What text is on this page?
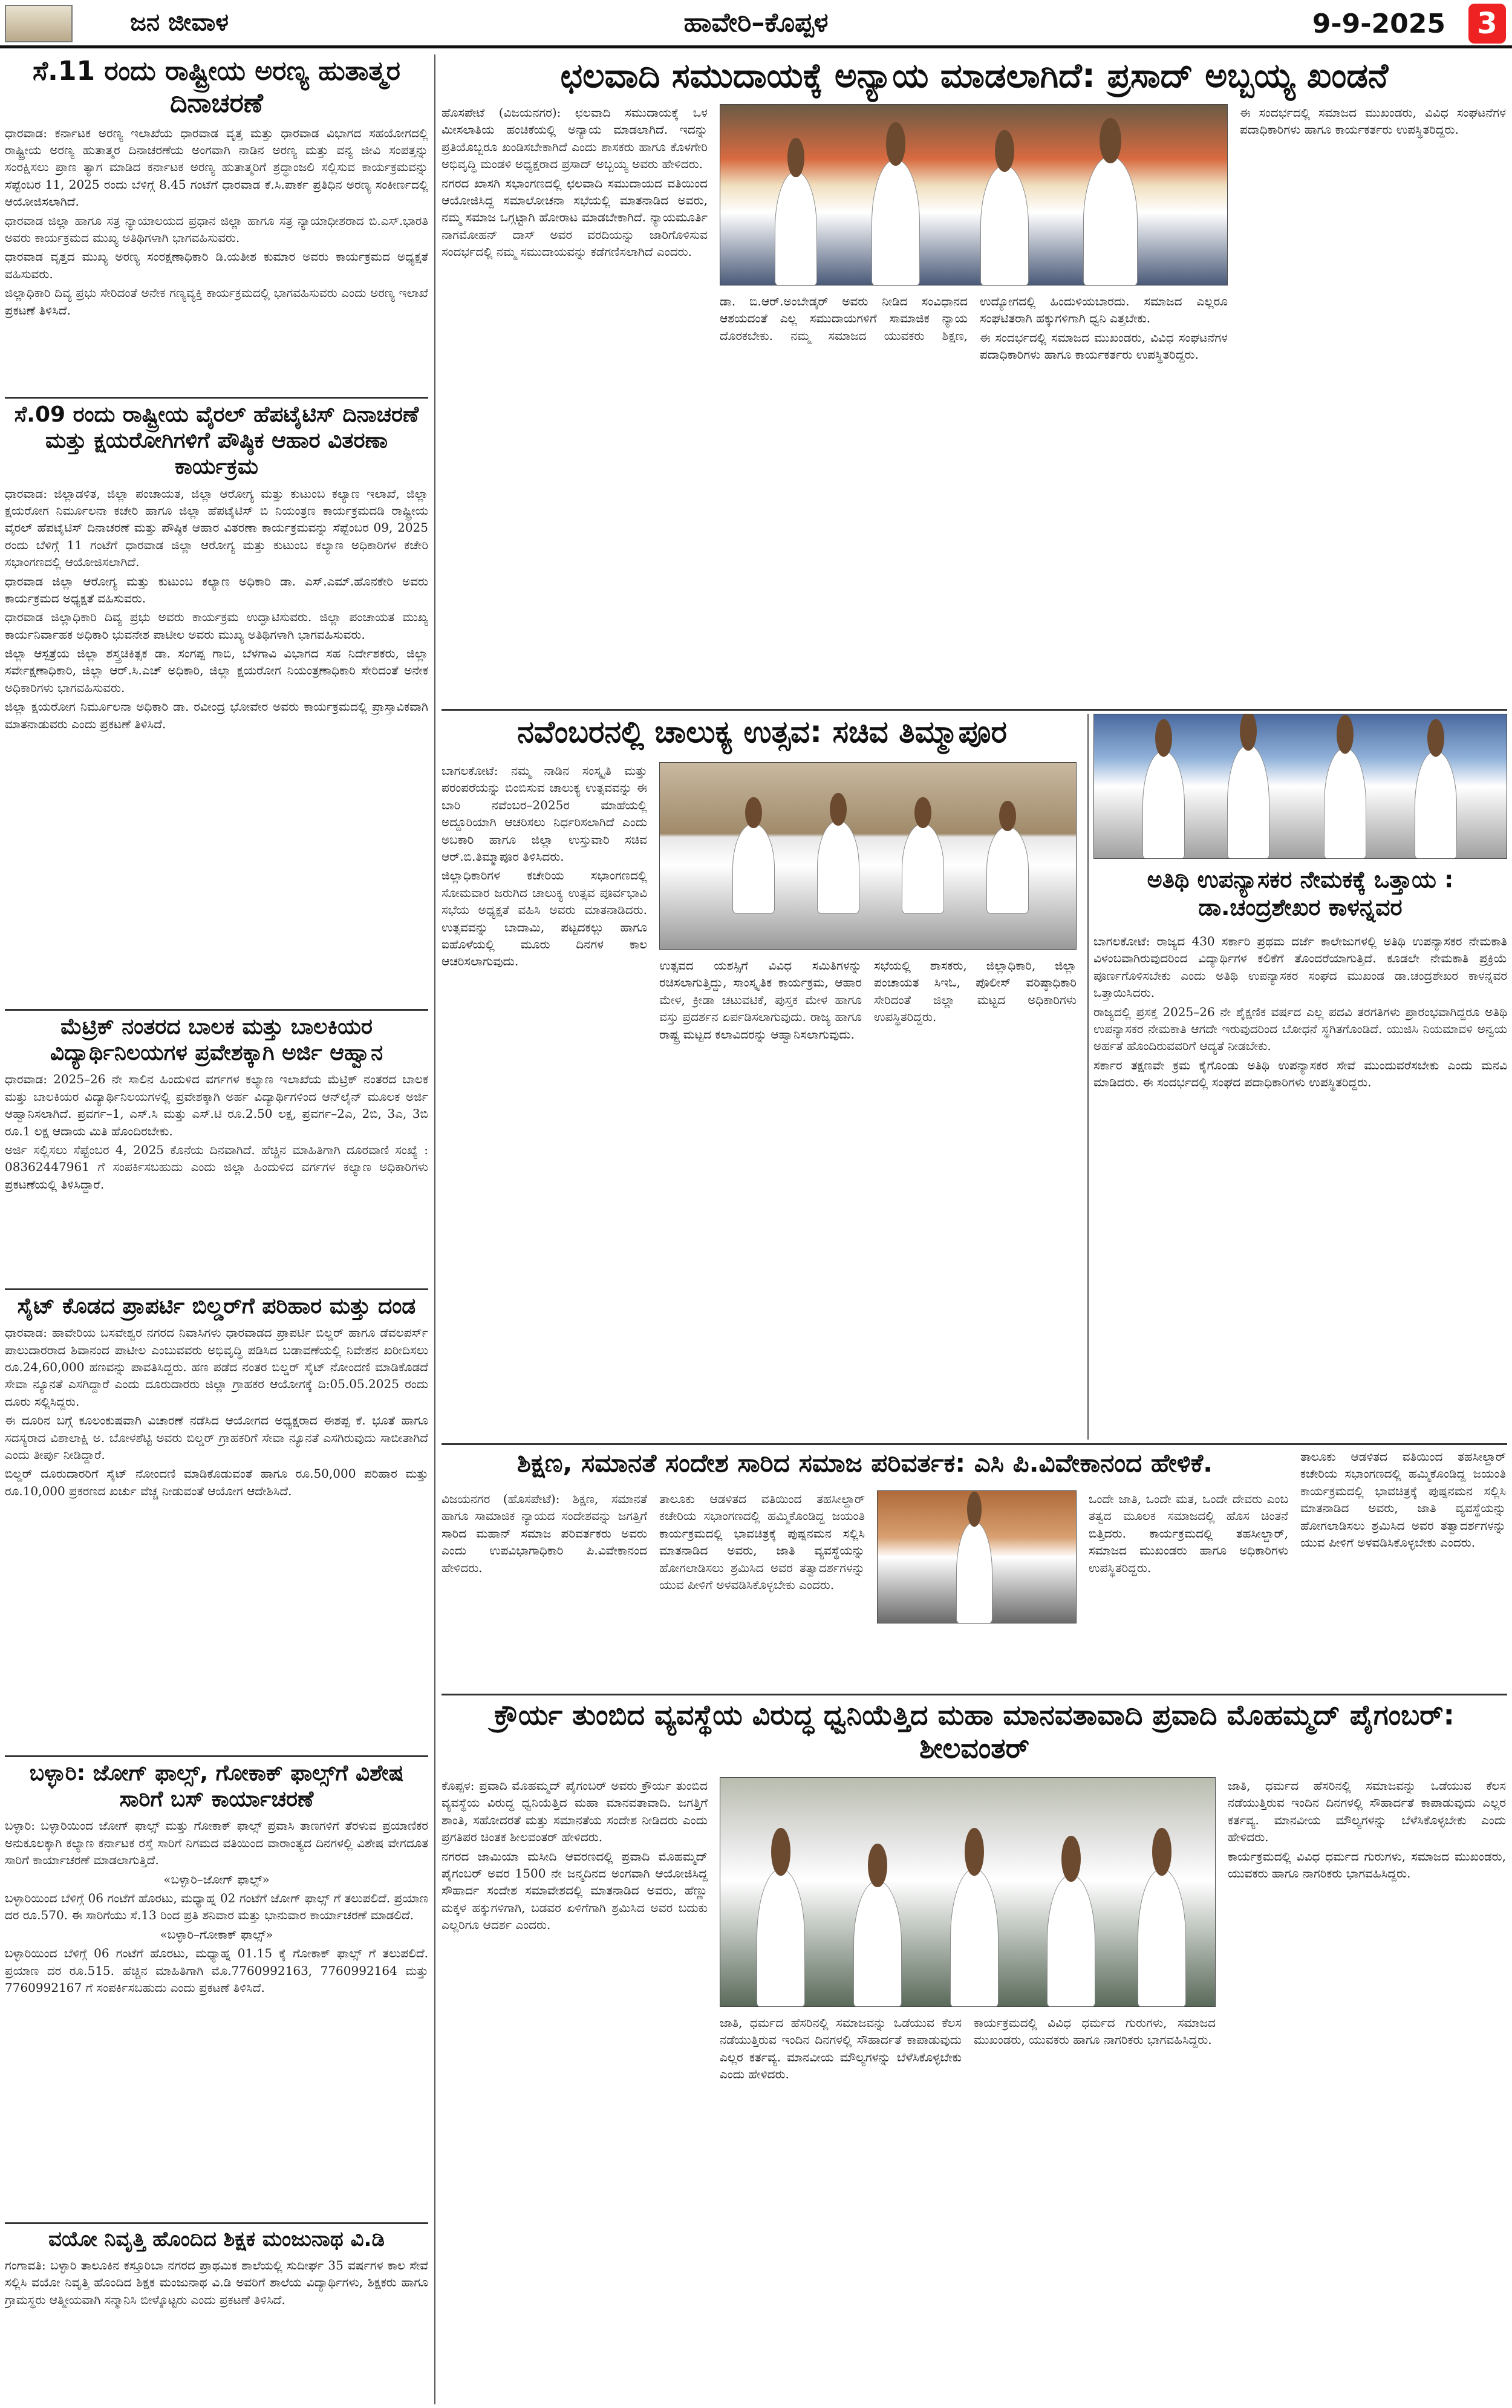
ಜನ ಜೀವಾಳ	ಹಾವೇರಿ–ಕೊಪ್ಪಳ	9-9-2025 3
ಸೆ.11 ರಂದು ರಾಷ್ಟ್ರೀಯ ಅರಣ್ಯ ಹುತಾತ್ಮರ ದಿನಾಚರಣೆ

ಧಾರವಾಡ: ಕರ್ನಾಟಕ ಅರಣ್ಯ ಇಲಾಖೆಯ ಧಾರವಾಡ ವೃತ್ತ ಮತ್ತು ಧಾರವಾಡ ವಿಭಾಗದ ಸಹಯೋಗದಲ್ಲಿ ರಾಷ್ಟ್ರೀಯ ಅರಣ್ಯ ಹುತಾತ್ಮರ ದಿನಾಚರಣೆಯ ಅಂಗವಾಗಿ ನಾಡಿನ ಅರಣ್ಯ ಮತ್ತು ವನ್ಯ ಜೀವಿ ಸಂಪತ್ತನ್ನು ಸಂರಕ್ಷಿಸಲು ಪ್ರಾಣ ತ್ಯಾಗ ಮಾಡಿದ ಕರ್ನಾಟಕ ಅರಣ್ಯ ಹುತಾತ್ಮರಿಗೆ ಶ್ರದ್ಧಾಂಜಲಿ ಸಲ್ಲಿಸುವ ಕಾರ್ಯಕ್ರಮವನ್ನು ಸೆಪ್ಟೆಂಬರ 11, 2025 ರಂದು ಬೆಳಿಗ್ಗೆ 8.45 ಗಂಟೆಗೆ ಧಾರವಾಡ ಕೆ.ಸಿ.ಪಾರ್ಕ ಪ್ರತಿಧಿನ ಅರಣ್ಯ ಸಂಕೀರ್ಣದಲ್ಲಿ ಆಯೋಜಿಸಲಾಗಿದೆ.

ಧಾರವಾಡ ಜಿಲ್ಲಾ ಹಾಗೂ ಸತ್ರ ನ್ಯಾಯಾಲಯದ ಪ್ರಧಾನ ಜಿಲ್ಲಾ ಹಾಗೂ ಸತ್ರ ನ್ಯಾಯಾಧೀಶರಾದ ಬಿ.ಎಸ್.ಭಾರತಿ ಅವರು ಕಾರ್ಯಕ್ರಮದ ಮುಖ್ಯ ಅತಿಥಿಗಳಾಗಿ ಭಾಗವಹಿಸುವರು.

ಧಾರವಾಡ ವೃತ್ತದ ಮುಖ್ಯ ಅರಣ್ಯ ಸಂರಕ್ಷಣಾಧಿಕಾರಿ ಡಿ.ಯತೀಶ ಕುಮಾರ ಅವರು ಕಾರ್ಯಕ್ರಮದ ಅಧ್ಯಕ್ಷತೆ ವಹಿಸುವರು.

ಜಿಲ್ಲಾಧಿಕಾರಿ ದಿವ್ಯ ಪ್ರಭು ಸೇರಿದಂತೆ ಅನೇಕ ಗಣ್ಯವ್ಯಕ್ತಿ ಕಾರ್ಯಕ್ರಮದಲ್ಲಿ ಭಾಗವಹಿಸುವರು ಎಂದು ಅರಣ್ಯ ಇಲಾಖೆ ಪ್ರಕಟಣೆ ತಿಳಿಸಿದೆ.

ಸೆ.09 ರಂದು ರಾಷ್ಟ್ರೀಯ ವೈರಲ್ ಹೆಪಟೈಟಿಸ್ ದಿನಾಚರಣೆ ಮತ್ತು ಕ್ಷಯರೋಗಿಗಳಿಗೆ ಪೌಷ್ಠಿಕ ಆಹಾರ ವಿತರಣಾ ಕಾರ್ಯಕ್ರಮ

ಧಾರವಾಡ: ಜಿಲ್ಲಾಡಳಿತ, ಜಿಲ್ಲಾ ಪಂಚಾಯತ, ಜಿಲ್ಲಾ ಆರೋಗ್ಯ ಮತ್ತು ಕುಟುಂಬ ಕಲ್ಯಾಣ ಇಲಾಖೆ, ಜಿಲ್ಲಾ ಕ್ಷಯರೋಗ ನಿರ್ಮೂಲನಾ ಕಚೇರಿ ಹಾಗೂ ಜಿಲ್ಲಾ ಹೆಪಟೈಟಿಸ್ ಬಿ ನಿಯಂತ್ರಣ ಕಾರ್ಯಕ್ರಮದಡಿ ರಾಷ್ಟ್ರೀಯ ವೈರಲ್ ಹೆಪಟೈಟಿಸ್ ದಿನಾಚರಣೆ ಮತ್ತು ಪೌಷ್ಠಿಕ ಆಹಾರ ವಿತರಣಾ ಕಾರ್ಯಕ್ರಮವನ್ನು ಸೆಪ್ಟೆಂಬರ 09, 2025 ರಂದು ಬೆಳಿಗ್ಗೆ 11 ಗಂಟೆಗೆ ಧಾರವಾಡ ಜಿಲ್ಲಾ ಆರೋಗ್ಯ ಮತ್ತು ಕುಟುಂಬ ಕಲ್ಯಾಣ ಅಧಿಕಾರಿಗಳ ಕಚೇರಿ ಸಭಾಂಗಣದಲ್ಲಿ ಆಯೋಜಿಸಲಾಗಿದೆ.

ಧಾರವಾಡ ಜಿಲ್ಲಾ ಆರೋಗ್ಯ ಮತ್ತು ಕುಟುಂಬ ಕಲ್ಯಾಣ ಅಧಿಕಾರಿ ಡಾ. ಎಸ್.ಎಮ್.ಹೊನಕೇರಿ ಅವರು ಕಾರ್ಯಕ್ರಮದ ಅಧ್ಯಕ್ಷತೆ ವಹಿಸುವರು.

ಧಾರವಾಡ ಜಿಲ್ಲಾಧಿಕಾರಿ ದಿವ್ಯ ಪ್ರಭು ಅವರು ಕಾರ್ಯಕ್ರಮ ಉದ್ಘಾಟಿಸುವರು. ಜಿಲ್ಲಾ ಪಂಚಾಯತ ಮುಖ್ಯ ಕಾರ್ಯನಿರ್ವಾಹಕ ಅಧಿಕಾರಿ ಭುವನೇಶ ಪಾಟೀಲ ಅವರು ಮುಖ್ಯ ಅತಿಥಿಗಳಾಗಿ ಭಾಗವಹಿಸುವರು.

ಜಿಲ್ಲಾ ಆಸ್ಪತ್ರೆಯ ಜಿಲ್ಲಾ ಶಸ್ತ್ರಚಿಕಿತ್ಸಕ ಡಾ. ಸಂಗಪ್ಪ ಗಾಬಿ, ಬೆಳಗಾವಿ ವಿಭಾಗದ ಸಹ ನಿರ್ದೇಶಕರು, ಜಿಲ್ಲಾ ಸರ್ವೇಕ್ಷಣಾಧಿಕಾರಿ, ಜಿಲ್ಲಾ ಆರ್.ಸಿ.ಎಚ್ ಅಧಿಕಾರಿ, ಜಿಲ್ಲಾ ಕ್ಷಯರೋಗ ನಿಯಂತ್ರಣಾಧಿಕಾರಿ ಸೇರಿದಂತೆ ಅನೇಕ ಅಧಿಕಾರಿಗಳು ಭಾಗವಹಿಸುವರು.

ಜಿಲ್ಲಾ ಕ್ಷಯರೋಗ ನಿರ್ಮೂಲನಾ ಅಧಿಕಾರಿ ಡಾ. ರವೀಂದ್ರ ಭೋವೇರ ಅವರು ಕಾರ್ಯಕ್ರಮದಲ್ಲಿ ಪ್ರಾಸ್ತಾವಿಕವಾಗಿ ಮಾತನಾಡುವರು ಎಂದು ಪ್ರಕಟಣೆ ತಿಳಿಸಿದೆ.

ಮೆಟ್ರಿಕ್ ನಂತರದ ಬಾಲಕ ಮತ್ತು ಬಾಲಕಿಯರ ವಿದ್ಯಾರ್ಥಿನಿಲಯಗಳ ಪ್ರವೇಶಕ್ಕಾಗಿ ಅರ್ಜಿ ಆಹ್ವಾನ

ಧಾರವಾಡ: 2025–26 ನೇ ಸಾಲಿನ ಹಿಂದುಳಿದ ವರ್ಗಗಳ ಕಲ್ಯಾಣ ಇಲಾಖೆಯ ಮೆಟ್ರಿಕ್ ನಂತರದ ಬಾಲಕ ಮತ್ತು ಬಾಲಕಿಯರ ವಿದ್ಯಾರ್ಥಿನಿಲಯಗಳಲ್ಲಿ ಪ್ರವೇಶಕ್ಕಾಗಿ ಅರ್ಹ ವಿದ್ಯಾರ್ಥಿಗಳಿಂದ ಆನ್‌ಲೈನ್ ಮೂಲಕ ಅರ್ಜಿ ಆಹ್ವಾನಿಸಲಾಗಿದೆ. ಪ್ರವರ್ಗ–1, ಎಸ್.ಸಿ ಮತ್ತು ಎಸ್.ಟಿ ರೂ.2.50 ಲಕ್ಷ, ಪ್ರವರ್ಗ–2ಎ, 2ಬಿ, 3ಎ, 3ಬಿ ರೂ.1 ಲಕ್ಷ ಆದಾಯ ಮಿತಿ ಹೊಂದಿರಬೇಕು.

ಅರ್ಜಿ ಸಲ್ಲಿಸಲು ಸೆಪ್ಟೆಂಬರ 4, 2025 ಕೊನೆಯ ದಿನವಾಗಿದೆ. ಹೆಚ್ಚಿನ ಮಾಹಿತಿಗಾಗಿ ದೂರವಾಣಿ ಸಂಖ್ಯೆ : 08362447961 ಗೆ ಸಂಪರ್ಕಿಸಬಹುದು ಎಂದು ಜಿಲ್ಲಾ ಹಿಂದುಳಿದ ವರ್ಗಗಳ ಕಲ್ಯಾಣ ಅಧಿಕಾರಿಗಳು ಪ್ರಕಟಣೆಯಲ್ಲಿ ತಿಳಿಸಿದ್ದಾರೆ.

ಸೈಟ್ ಕೊಡದ ಪ್ರಾಪರ್ಟಿ ಬಿಲ್ಡರ್‌ಗೆ ಪರಿಹಾರ ಮತ್ತು ದಂಡ

ಧಾರವಾಡ: ಹಾವೇರಿಯ ಬಸವೇಶ್ವರ ನಗರದ ನಿವಾಸಿಗಳು ಧಾರವಾಡದ ಪ್ರಾಪರ್ಟಿ ಬಿಲ್ಡರ್ ಹಾಗೂ ಡೆವಲಪರ್ಸ್ ಪಾಲುದಾರರಾದ ಶಿವಾನಂದ ಪಾಟೀಲ ಎಂಬುವವರು ಅಭಿವೃದ್ಧಿ ಪಡಿಸಿದ ಬಡಾವಣೆಯಲ್ಲಿ ನಿವೇಶನ ಖರೀದಿಸಲು ರೂ.24,60,000 ಹಣವನ್ನು ಪಾವತಿಸಿದ್ದರು. ಹಣ ಪಡೆದ ನಂತರ ಬಿಲ್ಡರ್ ಸೈಟ್ ನೋಂದಣಿ ಮಾಡಿಕೊಡದೆ ಸೇವಾ ನ್ಯೂನತೆ ಎಸಗಿದ್ದಾರೆ ಎಂದು ದೂರುದಾರರು ಜಿಲ್ಲಾ ಗ್ರಾಹಕರ ಆಯೋಗಕ್ಕೆ ದಿ:05.05.2025 ರಂದು ದೂರು ಸಲ್ಲಿಸಿದ್ದರು.

ಈ ದೂರಿನ ಬಗ್ಗೆ ಕೂಲಂಕುಷವಾಗಿ ವಿಚಾರಣೆ ನಡೆಸಿದ ಆಯೋಗದ ಅಧ್ಯಕ್ಷರಾದ ಈಶಪ್ಪ ಕೆ. ಭೂತೆ ಹಾಗೂ ಸದಸ್ಯರಾದ ವಿಶಾಲಾಕ್ಷಿ ಅ. ಬೋಳಶೆಟ್ಟಿ ಅವರು ಬಿಲ್ಡರ್ ಗ್ರಾಹಕರಿಗೆ ಸೇವಾ ನ್ಯೂನತೆ ಎಸಗಿರುವುದು ಸಾಬೀತಾಗಿದೆ ಎಂದು ತೀರ್ಪು ನೀಡಿದ್ದಾರೆ.

ಬಿಲ್ಡರ್ ದೂರುದಾರರಿಗೆ ಸೈಟ್ ನೋಂದಣಿ ಮಾಡಿಕೊಡುವಂತೆ ಹಾಗೂ ರೂ.50,000 ಪರಿಹಾರ ಮತ್ತು ರೂ.10,000 ಪ್ರಕರಣದ ಖರ್ಚು ವೆಚ್ಚ ನೀಡುವಂತೆ ಆಯೋಗ ಆದೇಶಿಸಿದೆ.

ಬಳ್ಳಾರಿ: ಜೋಗ್ ಫಾಲ್ಸ್, ಗೋಕಾಕ್ ಫಾಲ್ಸ್‌ಗೆ ವಿಶೇಷ ಸಾರಿಗೆ ಬಸ್ ಕಾರ್ಯಾಚರಣೆ

ಬಳ್ಳಾರಿ: ಬಳ್ಳಾರಿಯಿಂದ ಜೋಗ್ ಫಾಲ್ಸ್ ಮತ್ತು ಗೋಕಾಕ್ ಫಾಲ್ಸ್ ಪ್ರವಾಸಿ ತಾಣಗಳಿಗೆ ತೆರಳುವ ಪ್ರಯಾಣಿಕರ ಅನುಕೂಲಕ್ಕಾಗಿ ಕಲ್ಯಾಣ ಕರ್ನಾಟಕ ರಸ್ತೆ ಸಾರಿಗೆ ನಿಗಮದ ವತಿಯಿಂದ ವಾರಾಂತ್ಯದ ದಿನಗಳಲ್ಲಿ ವಿಶೇಷ ವೇಗದೂತ ಸಾರಿಗೆ ಕಾರ್ಯಾಚರಣೆ ಮಾಡಲಾಗುತ್ತಿದೆ.

«ಬಳ್ಳಾರಿ–ಜೋಗ್ ಫಾಲ್ಸ್»

ಬಳ್ಳಾರಿಯಿಂದ ಬೆಳಿಗ್ಗೆ 06 ಗಂಟೆಗೆ ಹೊರಟು, ಮಧ್ಯಾಹ್ನ 02 ಗಂಟೆಗೆ ಜೋಗ್ ಫಾಲ್ಸ್ ಗೆ ತಲುಪಲಿದೆ. ಪ್ರಯಾಣ ದರ ರೂ.570. ಈ ಸಾರಿಗೆಯು ಸೆ.13 ರಿಂದ ಪ್ರತಿ ಶನಿವಾರ ಮತ್ತು ಭಾನುವಾರ ಕಾರ್ಯಾಚರಣೆ ಮಾಡಲಿದೆ.

«ಬಳ್ಳಾರಿ–ಗೋಕಾಕ್ ಫಾಲ್ಸ್»

ಬಳ್ಳಾರಿಯಿಂದ ಬೆಳಿಗ್ಗೆ 06 ಗಂಟೆಗೆ ಹೊರಟು, ಮಧ್ಯಾಹ್ನ 01.15 ಕ್ಕೆ ಗೋಕಾಕ್ ಫಾಲ್ಸ್ ಗೆ ತಲುಪಲಿದೆ. ಪ್ರಯಾಣ ದರ ರೂ.515. ಹೆಚ್ಚಿನ ಮಾಹಿತಿಗಾಗಿ ಮೊ.7760992163, 7760992164 ಮತ್ತು 7760992167 ಗೆ ಸಂಪರ್ಕಿಸಬಹುದು ಎಂದು ಪ್ರಕಟಣೆ ತಿಳಿಸಿದೆ.

ವಯೋ ನಿವೃತ್ತಿ ಹೊಂದಿದ ಶಿಕ್ಷಕ ಮಂಜುನಾಥ ವಿ.ಡಿ

ಗಂಗಾವತಿ: ಬಳ್ಳಾರಿ ತಾಲೂಕಿನ ಕಸ್ತೂರಿಬಾ ನಗರದ ಪ್ರಾಥಮಿಕ ಶಾಲೆಯಲ್ಲಿ ಸುದೀರ್ಘ 35 ವರ್ಷಗಳ ಕಾಲ ಸೇವೆ ಸಲ್ಲಿಸಿ ವಯೋ ನಿವೃತ್ತಿ ಹೊಂದಿದ ಶಿಕ್ಷಕ ಮಂಜುನಾಥ ವಿ.ಡಿ ಅವರಿಗೆ ಶಾಲೆಯ ವಿದ್ಯಾರ್ಥಿಗಳು, ಶಿಕ್ಷಕರು ಹಾಗೂ ಗ್ರಾಮಸ್ಥರು ಆತ್ಮೀಯವಾಗಿ ಸನ್ಮಾನಿಸಿ ಬೀಳ್ಕೊಟ್ಟರು ಎಂದು ಪ್ರಕಟಣೆ ತಿಳಿಸಿದೆ.

ಛಲವಾದಿ ಸಮುದಾಯಕ್ಕೆ ಅನ್ಯಾಯ ಮಾಡಲಾಗಿದೆ: ಪ್ರಸಾದ್ ಅಬ್ಬಯ್ಯ ಖಂಡನೆ

ಹೊಸಪೇಟೆ (ವಿಜಯನಗರ): ಛಲವಾದಿ ಸಮುದಾಯಕ್ಕೆ ಒಳ ಮೀಸಲಾತಿಯ ಹಂಚಿಕೆಯಲ್ಲಿ ಅನ್ಯಾಯ ಮಾಡಲಾಗಿದೆ. ಇದನ್ನು ಪ್ರತಿಯೊಬ್ಬರೂ ಖಂಡಿಸಬೇಕಾಗಿದೆ ಎಂದು ಶಾಸಕರು ಹಾಗೂ ಕೊಳಗೇರಿ ಅಭಿವೃದ್ಧಿ ಮಂಡಳಿ ಅಧ್ಯಕ್ಷರಾದ ಪ್ರಸಾದ್ ಅಬ್ಬಯ್ಯ ಅವರು ಹೇಳಿದರು.

ನಗರದ ಖಾಸಗಿ ಸಭಾಂಗಣದಲ್ಲಿ ಛಲವಾದಿ ಸಮುದಾಯದ ವತಿಯಿಂದ ಆಯೋಜಿಸಿದ್ದ ಸಮಾಲೋಚನಾ ಸಭೆಯಲ್ಲಿ ಮಾತನಾಡಿದ ಅವರು, ನಮ್ಮ ಸಮಾಜ ಒಗ್ಗಟ್ಟಾಗಿ ಹೋರಾಟ ಮಾಡಬೇಕಾಗಿದೆ. ನ್ಯಾಯಮೂರ್ತಿ ನಾಗಮೋಹನ್ ದಾಸ್ ಅವರ ವರದಿಯನ್ನು ಜಾರಿಗೊಳಿಸುವ ಸಂದರ್ಭದಲ್ಲಿ ನಮ್ಮ ಸಮುದಾಯವನ್ನು ಕಡೆಗಣಿಸಲಾಗಿದೆ ಎಂದರು.

ಡಾ. ಬಿ.ಆರ್.ಅಂಬೇಡ್ಕರ್ ಅವರು ನೀಡಿದ ಸಂವಿಧಾನದ ಆಶಯದಂತೆ ಎಲ್ಲ ಸಮುದಾಯಗಳಿಗೆ ಸಾಮಾಜಿಕ ನ್ಯಾಯ ದೊರಕಬೇಕು. ನಮ್ಮ ಸಮಾಜದ ಯುವಕರು ಶಿಕ್ಷಣ, ಉದ್ಯೋಗದಲ್ಲಿ ಹಿಂದುಳಿಯಬಾರದು. ಸಮಾಜದ ಎಲ್ಲರೂ ಸಂಘಟಿತರಾಗಿ ಹಕ್ಕುಗಳಿಗಾಗಿ ಧ್ವನಿ ಎತ್ತಬೇಕು.

ಈ ಸಂದರ್ಭದಲ್ಲಿ ಸಮಾಜದ ಮುಖಂಡರು, ವಿವಿಧ ಸಂಘಟನೆಗಳ ಪದಾಧಿಕಾರಿಗಳು ಹಾಗೂ ಕಾರ್ಯಕರ್ತರು ಉಪಸ್ಥಿತರಿದ್ದರು.

ಈ ಸಂದರ್ಭದಲ್ಲಿ ಸಮಾಜದ ಮುಖಂಡರು, ವಿವಿಧ ಸಂಘಟನೆಗಳ ಪದಾಧಿಕಾರಿಗಳು ಹಾಗೂ ಕಾರ್ಯಕರ್ತರು ಉಪಸ್ಥಿತರಿದ್ದರು.

ನವೆಂಬರನಲ್ಲಿ ಚಾಲುಕ್ಯ ಉತ್ಸವ: ಸಚಿವ ತಿಮ್ಮಾಪೂರ

ಬಾಗಲಕೋಟೆ: ನಮ್ಮ ನಾಡಿನ ಸಂಸ್ಕೃತಿ ಮತ್ತು ಪರಂಪರೆಯನ್ನು ಬಿಂಬಿಸುವ ಚಾಲುಕ್ಯ ಉತ್ಸವವನ್ನು ಈ ಬಾರಿ ನವೆಂಬರ–2025ರ ಮಾಹೆಯಲ್ಲಿ ಅದ್ದೂರಿಯಾಗಿ ಆಚರಿಸಲು ನಿರ್ಧರಿಸಲಾಗಿದೆ ಎಂದು ಅಬಕಾರಿ ಹಾಗೂ ಜಿಲ್ಲಾ ಉಸ್ತುವಾರಿ ಸಚಿವ ಆರ್.ಬಿ.ತಿಮ್ಮಾಪೂರ ತಿಳಿಸಿದರು.

ಜಿಲ್ಲಾಧಿಕಾರಿಗಳ ಕಚೇರಿಯ ಸಭಾಂಗಣದಲ್ಲಿ ಸೋಮವಾರ ಜರುಗಿದ ಚಾಲುಕ್ಯ ಉತ್ಸವ ಪೂರ್ವಭಾವಿ ಸಭೆಯ ಅಧ್ಯಕ್ಷತೆ ವಹಿಸಿ ಅವರು ಮಾತನಾಡಿದರು. ಉತ್ಸವವನ್ನು ಬಾದಾಮಿ, ಪಟ್ಟದಕಲ್ಲು ಹಾಗೂ ಐಹೊಳೆಯಲ್ಲಿ ಮೂರು ದಿನಗಳ ಕಾಲ ಆಚರಿಸಲಾಗುವುದು.	ಉತ್ಸವದ ಯಶಸ್ಸಿಗೆ ವಿವಿಧ ಸಮಿತಿಗಳನ್ನು ರಚಿಸಲಾಗುತ್ತಿದ್ದು, ಸಾಂಸ್ಕೃತಿಕ ಕಾರ್ಯಕ್ರಮ, ಆಹಾರ ಮೇಳ, ಕ್ರೀಡಾ ಚಟುವಟಿಕೆ, ಪುಸ್ತಕ ಮೇಳ ಹಾಗೂ ವಸ್ತು ಪ್ರದರ್ಶನ ಏರ್ಪಡಿಸಲಾಗುವುದು. ರಾಜ್ಯ ಹಾಗೂ ರಾಷ್ಟ್ರ ಮಟ್ಟದ ಕಲಾವಿದರನ್ನು ಆಹ್ವಾನಿಸಲಾಗುವುದು.

ಸಭೆಯಲ್ಲಿ ಶಾಸಕರು, ಜಿಲ್ಲಾಧಿಕಾರಿ, ಜಿಲ್ಲಾ ಪಂಚಾಯತ ಸಿಇಓ, ಪೊಲೀಸ್ ವರಿಷ್ಠಾಧಿಕಾರಿ ಸೇರಿದಂತೆ ಜಿಲ್ಲಾ ಮಟ್ಟದ ಅಧಿಕಾರಿಗಳು ಉಪಸ್ಥಿತರಿದ್ದರು.

ಅತಿಥಿ ಉಪನ್ಯಾಸಕರ ನೇಮಕಕ್ಕೆ ಒತ್ತಾಯ : ಡಾ.ಚಂದ್ರಶೇಖರ ಕಾಳನ್ನವರ

ಬಾಗಲಕೋಟೆ: ರಾಜ್ಯದ 430 ಸರ್ಕಾರಿ ಪ್ರಥಮ ದರ್ಜೆ ಕಾಲೇಜುಗಳಲ್ಲಿ ಅತಿಥಿ ಉಪನ್ಯಾಸಕರ ನೇಮಕಾತಿ ವಿಳಂಬವಾಗಿರುವುದರಿಂದ ವಿದ್ಯಾರ್ಥಿಗಳ ಕಲಿಕೆಗೆ ತೊಂದರೆಯಾಗುತ್ತಿದೆ. ಕೂಡಲೇ ನೇಮಕಾತಿ ಪ್ರಕ್ರಿಯೆ ಪೂರ್ಣಗೊಳಿಸಬೇಕು ಎಂದು ಅತಿಥಿ ಉಪನ್ಯಾಸಕರ ಸಂಘದ ಮುಖಂಡ ಡಾ.ಚಂದ್ರಶೇಖರ ಕಾಳನ್ನವರ ಒತ್ತಾಯಿಸಿದರು.

ರಾಜ್ಯದಲ್ಲಿ ಪ್ರಸಕ್ತ 2025–26 ನೇ ಶೈಕ್ಷಣಿಕ ವರ್ಷದ ಎಲ್ಲ ಪದವಿ ತರಗತಿಗಳು ಪ್ರಾರಂಭವಾಗಿದ್ದರೂ ಅತಿಥಿ ಉಪನ್ಯಾಸಕರ ನೇಮಕಾತಿ ಆಗದೇ ಇರುವುದರಿಂದ ಬೋಧನೆ ಸ್ಥಗಿತಗೊಂಡಿದೆ. ಯುಜಿಸಿ ನಿಯಮಾವಳಿ ಅನ್ವಯ ಅರ್ಹತೆ ಹೊಂದಿರುವವರಿಗೆ ಆದ್ಯತೆ ನೀಡಬೇಕು.

ಸರ್ಕಾರ ತಕ್ಷಣವೇ ಕ್ರಮ ಕೈಗೊಂಡು ಅತಿಥಿ ಉಪನ್ಯಾಸಕರ ಸೇವೆ ಮುಂದುವರೆಸಬೇಕು ಎಂದು ಮನವಿ ಮಾಡಿದರು. ಈ ಸಂದರ್ಭದಲ್ಲಿ ಸಂಘದ ಪದಾಧಿಕಾರಿಗಳು ಉಪಸ್ಥಿತರಿದ್ದರು.

ಶಿಕ್ಷಣ, ಸಮಾನತೆ ಸಂದೇಶ ಸಾರಿದ ಸಮಾಜ ಪರಿವರ್ತಕ: ಎಸಿ ಪಿ.ವಿವೇಕಾನಂದ ಹೇಳಿಕೆ.

ವಿಜಯನಗರ (ಹೊಸಪೇಟೆ): ಶಿಕ್ಷಣ, ಸಮಾನತೆ ಹಾಗೂ ಸಾಮಾಜಿಕ ನ್ಯಾಯದ ಸಂದೇಶವನ್ನು ಜಗತ್ತಿಗೆ ಸಾರಿದ ಮಹಾನ್ ಸಮಾಜ ಪರಿವರ್ತಕರು ಅವರು ಎಂದು ಉಪವಿಭಾಗಾಧಿಕಾರಿ ಪಿ.ವಿವೇಕಾನಂದ ಹೇಳಿದರು.

ತಾಲೂಕು ಆಡಳಿತದ ವತಿಯಿಂದ ತಹಸೀಲ್ದಾರ್ ಕಚೇರಿಯ ಸಭಾಂಗಣದಲ್ಲಿ ಹಮ್ಮಿಕೊಂಡಿದ್ದ ಜಯಂತಿ ಕಾರ್ಯಕ್ರಮದಲ್ಲಿ ಭಾವಚಿತ್ರಕ್ಕೆ ಪುಷ್ಪನಮನ ಸಲ್ಲಿಸಿ ಮಾತನಾಡಿದ ಅವರು, ಜಾತಿ ವ್ಯವಸ್ಥೆಯನ್ನು ಹೋಗಲಾಡಿಸಲು ಶ್ರಮಿಸಿದ ಅವರ ತತ್ವಾದರ್ಶಗಳನ್ನು ಯುವ ಪೀಳಿಗೆ ಅಳವಡಿಸಿಕೊಳ್ಳಬೇಕು ಎಂದರು.

ಒಂದೇ ಜಾತಿ, ಒಂದೇ ಮತ, ಒಂದೇ ದೇವರು ಎಂಬ ತತ್ವದ ಮೂಲಕ ಸಮಾಜದಲ್ಲಿ ಹೊಸ ಚಿಂತನೆ ಬಿತ್ತಿದರು. ಕಾರ್ಯಕ್ರಮದಲ್ಲಿ ತಹಸೀಲ್ದಾರ್, ಸಮಾಜದ ಮುಖಂಡರು ಹಾಗೂ ಅಧಿಕಾರಿಗಳು ಉಪಸ್ಥಿತರಿದ್ದರು.

ತಾಲೂಕು ಆಡಳಿತದ ವತಿಯಿಂದ ತಹಸೀಲ್ದಾರ್ ಕಚೇರಿಯ ಸಭಾಂಗಣದಲ್ಲಿ ಹಮ್ಮಿಕೊಂಡಿದ್ದ ಜಯಂತಿ ಕಾರ್ಯಕ್ರಮದಲ್ಲಿ ಭಾವಚಿತ್ರಕ್ಕೆ ಪುಷ್ಪನಮನ ಸಲ್ಲಿಸಿ ಮಾತನಾಡಿದ ಅವರು, ಜಾತಿ ವ್ಯವಸ್ಥೆಯನ್ನು ಹೋಗಲಾಡಿಸಲು ಶ್ರಮಿಸಿದ ಅವರ ತತ್ವಾದರ್ಶಗಳನ್ನು ಯುವ ಪೀಳಿಗೆ ಅಳವಡಿಸಿಕೊಳ್ಳಬೇಕು ಎಂದರು.

ಕ್ರೌರ್ಯ ತುಂಬಿದ ವ್ಯವಸ್ಥೆಯ ವಿರುದ್ಧ ಧ್ವನಿಯೆತ್ತಿದ ಮಹಾ ಮಾನವತಾವಾದಿ ಪ್ರವಾದಿ ಮೊಹಮ್ಮದ್ ಪೈಗಂಬರ್: ಶೀಲವಂತರ್

ಕೊಪ್ಪಳ: ಪ್ರವಾದಿ ಮೊಹಮ್ಮದ್ ಪೈಗಂಬರ್ ಅವರು ಕ್ರೌರ್ಯ ತುಂಬಿದ ವ್ಯವಸ್ಥೆಯ ವಿರುದ್ಧ ಧ್ವನಿಯೆತ್ತಿದ ಮಹಾ ಮಾನವತಾವಾದಿ. ಜಗತ್ತಿಗೆ ಶಾಂತಿ, ಸಹೋದರತೆ ಮತ್ತು ಸಮಾನತೆಯ ಸಂದೇಶ ನೀಡಿದರು ಎಂದು ಪ್ರಗತಿಪರ ಚಿಂತಕ ಶೀಲವಂತರ್ ಹೇಳಿದರು.

ನಗರದ ಜಾಮಿಯಾ ಮಸೀದಿ ಆವರಣದಲ್ಲಿ ಪ್ರವಾದಿ ಮೊಹಮ್ಮದ್ ಪೈಗಂಬರ್ ಅವರ 1500 ನೇ ಜನ್ಮದಿನದ ಅಂಗವಾಗಿ ಆಯೋಜಿಸಿದ್ದ ಸೌಹಾರ್ದ ಸಂದೇಶ ಸಮಾವೇಶದಲ್ಲಿ ಮಾತನಾಡಿದ ಅವರು, ಹೆಣ್ಣು ಮಕ್ಕಳ ಹಕ್ಕುಗಳಿಗಾಗಿ, ಬಡವರ ಏಳಿಗೆಗಾಗಿ ಶ್ರಮಿಸಿದ ಅವರ ಬದುಕು ಎಲ್ಲರಿಗೂ ಆದರ್ಶ ಎಂದರು.

ಜಾತಿ, ಧರ್ಮದ ಹೆಸರಿನಲ್ಲಿ ಸಮಾಜವನ್ನು ಒಡೆಯುವ ಕೆಲಸ ನಡೆಯುತ್ತಿರುವ ಇಂದಿನ ದಿನಗಳಲ್ಲಿ ಸೌಹಾರ್ದತೆ ಕಾಪಾಡುವುದು ಎಲ್ಲರ ಕರ್ತವ್ಯ. ಮಾನವೀಯ ಮೌಲ್ಯಗಳನ್ನು ಬೆಳೆಸಿಕೊಳ್ಳಬೇಕು ಎಂದು ಹೇಳಿದರು.

ಕಾರ್ಯಕ್ರಮದಲ್ಲಿ ವಿವಿಧ ಧರ್ಮದ ಗುರುಗಳು, ಸಮಾಜದ ಮುಖಂಡರು, ಯುವಕರು ಹಾಗೂ ನಾಗರಿಕರು ಭಾಗವಹಿಸಿದ್ದರು.

ಜಾತಿ, ಧರ್ಮದ ಹೆಸರಿನಲ್ಲಿ ಸಮಾಜವನ್ನು ಒಡೆಯುವ ಕೆಲಸ ನಡೆಯುತ್ತಿರುವ ಇಂದಿನ ದಿನಗಳಲ್ಲಿ ಸೌಹಾರ್ದತೆ ಕಾಪಾಡುವುದು ಎಲ್ಲರ ಕರ್ತವ್ಯ. ಮಾನವೀಯ ಮೌಲ್ಯಗಳನ್ನು ಬೆಳೆಸಿಕೊಳ್ಳಬೇಕು ಎಂದು ಹೇಳಿದರು.

ಕಾರ್ಯಕ್ರಮದಲ್ಲಿ ವಿವಿಧ ಧರ್ಮದ ಗುರುಗಳು, ಸಮಾಜದ ಮುಖಂಡರು, ಯುವಕರು ಹಾಗೂ ನಾಗರಿಕರು ಭಾಗವಹಿಸಿದ್ದರು.
